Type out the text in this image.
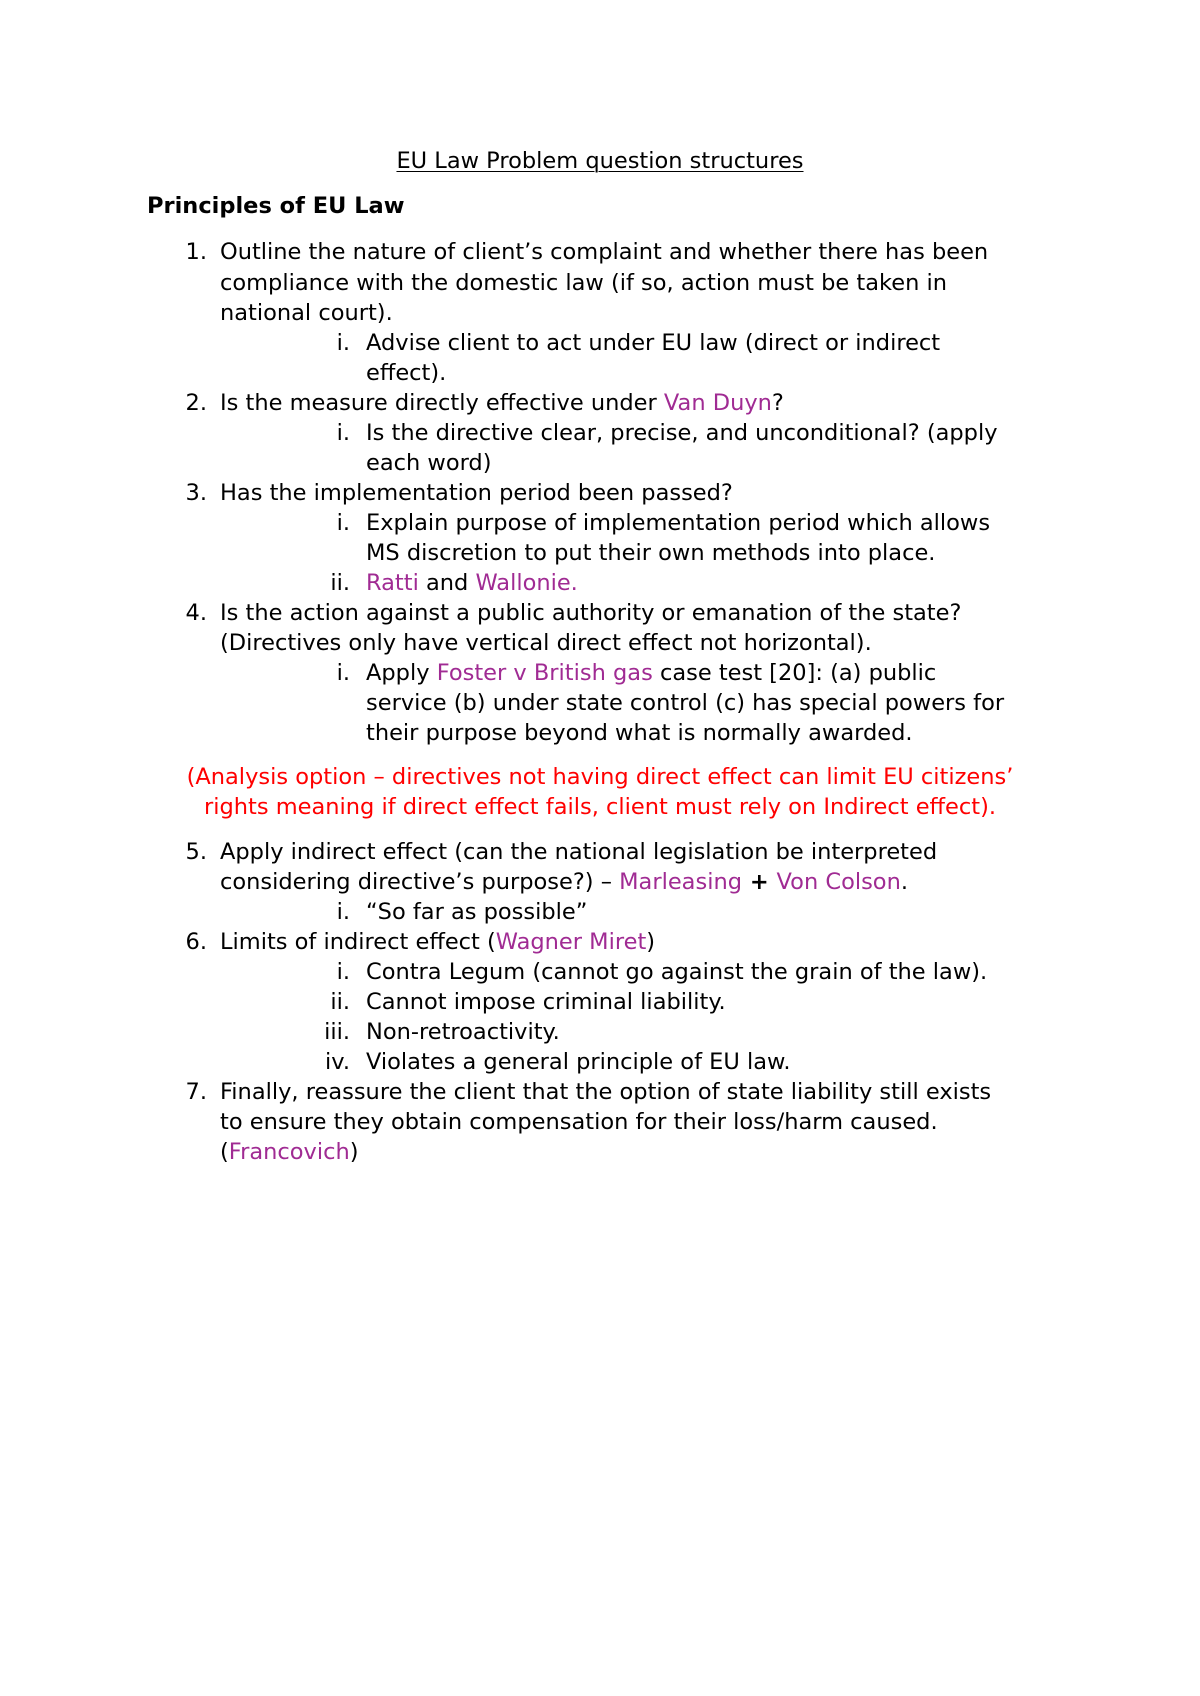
EU Law Problem question structures
Principles of EU Law
1. Outline the nature of client’s complaint and whether there has been
compliance with the domestic law (if so, action must be taken in
national court).
i. Advise client to act under EU law (direct or indirect
effect).
2. Is the measure directly effective under Van Duyn?
i. Is the directive clear, precise, and unconditional? (apply
each word)
3. Has the implementation period been passed?
i. Explain purpose of implementation period which allows
MS discretion to put their own methods into place.
ii. Ratti and Wallonie.
4. Is the action against a public authority or emanation of the state?
(Directives only have vertical direct effect not horizontal).
i. Apply Foster v British gas case test [20]: (a) public
service (b) under state control (c) has special powers for
their purpose beyond what is normally awarded.
(Analysis option – directives not having direct effect can limit EU citizens’
rights meaning if direct effect fails, client must rely on Indirect effect).
5. Apply indirect effect (can the national legislation be interpreted
considering directive’s purpose?) – Marleasing + Von Colson.
i. “So far as possible”
6. Limits of indirect effect (Wagner Miret)
i. Contra Legum (cannot go against the grain of the law).
ii. Cannot impose criminal liability.
iii. Non-retroactivity.
iv. Violates a general principle of EU law.
7. Finally, reassure the client that the option of state liability still exists
to ensure they obtain compensation for their loss/harm caused.
(Francovich)
